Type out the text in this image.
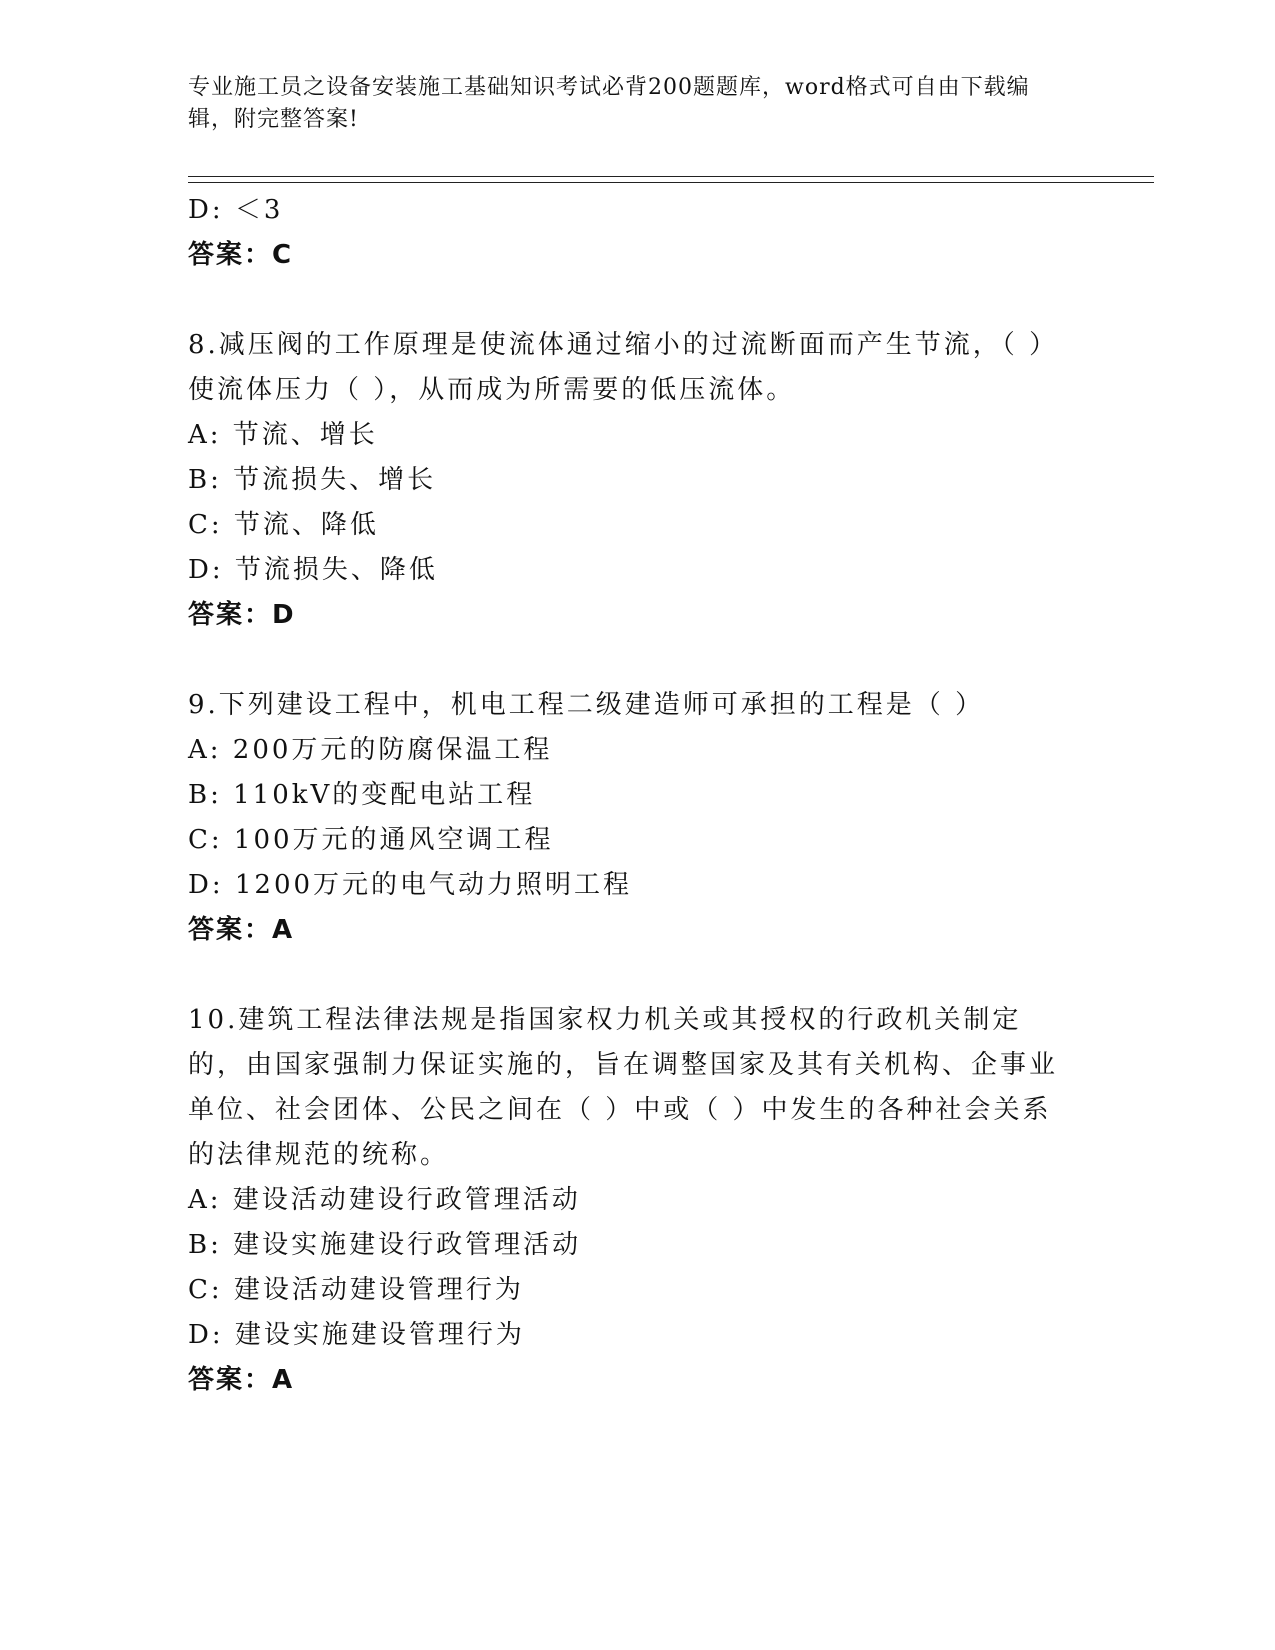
专业施工员之设备安装施工基础知识考试必背200题题库，word格式可自由下载编辑，附完整答案!
D: ＜3
答案：C
8.减压阀的工作原理是使流体通过缩小的过流断面而产生节流，（ ）使流体压力（ ），从而成为所需要的低压流体。
A: 节流、增长
B: 节流损失、增长
C: 节流、降低
D: 节流损失、降低
答案：D
9.下列建设工程中，机电工程二级建造师可承担的工程是（ ）
A: 200万元的防腐保温工程
B: 110kV的变配电站工程
C: 100万元的通风空调工程
D: 1200万元的电气动力照明工程
答案：A
10.建筑工程法律法规是指国家权力机关或其授权的行政机关制定的，由国家强制力保证实施的，旨在调整国家及其有关机构、企事业单位、社会团体、公民之间在（ ）中或（ ）中发生的各种社会关系的法律规范的统称。
A: 建设活动建设行政管理活动
B: 建设实施建设行政管理活动
C: 建设活动建设管理行为
D: 建设实施建设管理行为
答案：A
